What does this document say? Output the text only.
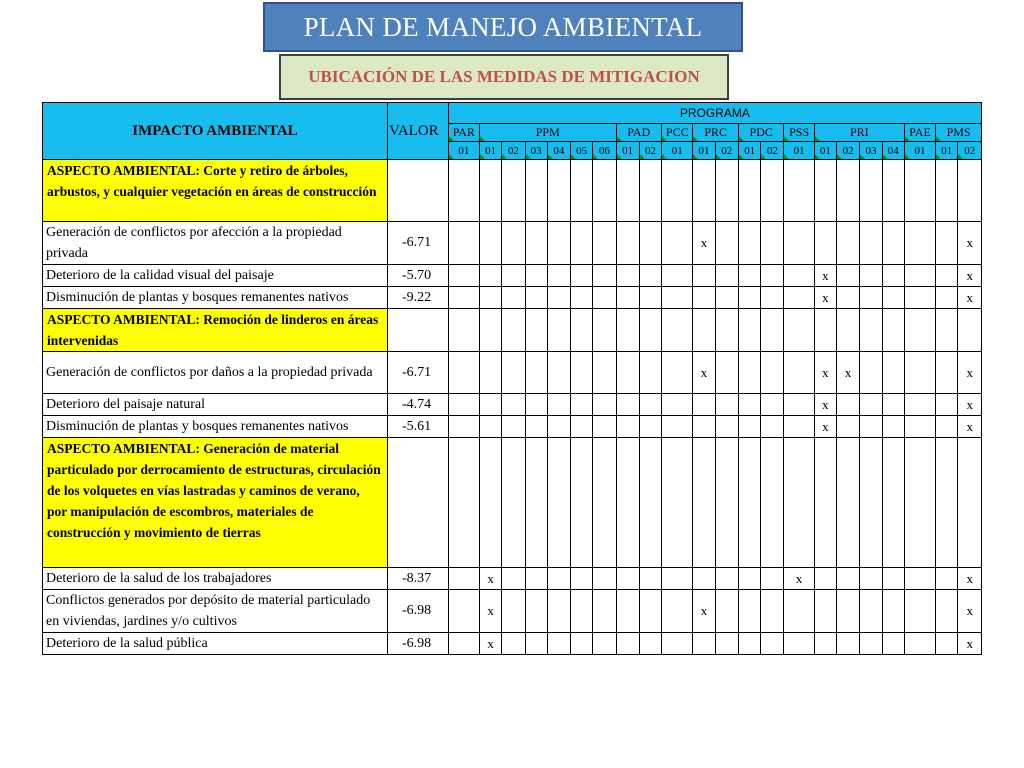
PLAN DE MANEJO AMBIENTAL
UBICACIÓN DE LAS MEDIDAS DE MITIGACION
IMPACTO AMBIENTAL	VALOR	PROGRAMA																					
		PAR	PPM						PAD		PCC	PRC		PDC		PSS	PRI				PAE	PMS	
		01	01	02	03	04	05	06	01	02	01	01	02	01	02	01	01	02	03	04	01	01	02
ASPECTO AMBIENTAL: Corte y retiro de árboles, arbustos, y cualquier vegetación en áreas de construcción																							
Generación de conflictos por afección a la propiedad privada	-6.71											x											x
Deterioro de la calidad visual del paisaje	-5.70																x						x
Disminución de plantas y bosques remanentes nativos	-9.22																x						x
ASPECTO AMBIENTAL: Remoción de linderos en áreas intervenidas																							
Generación de conflictos por daños a la propiedad privada	-6.71											x					x	x					x
Deterioro del paisaje natural	-4.74																x						x
Disminución de plantas y bosques remanentes nativos	-5.61																x						x
ASPECTO AMBIENTAL: Generación de material particulado por derrocamiento de estructuras, circulación de los volquetes en vías lastradas y caminos de verano, por manipulación de escombros, materiales de construcción y movimiento de tierras																							
Deterioro de la salud de los trabajadores	-8.37		x													x							x
Conflictos generados por depósito de material particulado en viviendas, jardines y/o cultivos	-6.98		x									x											x
Deterioro de la salud pública	-6.98		x																				x
